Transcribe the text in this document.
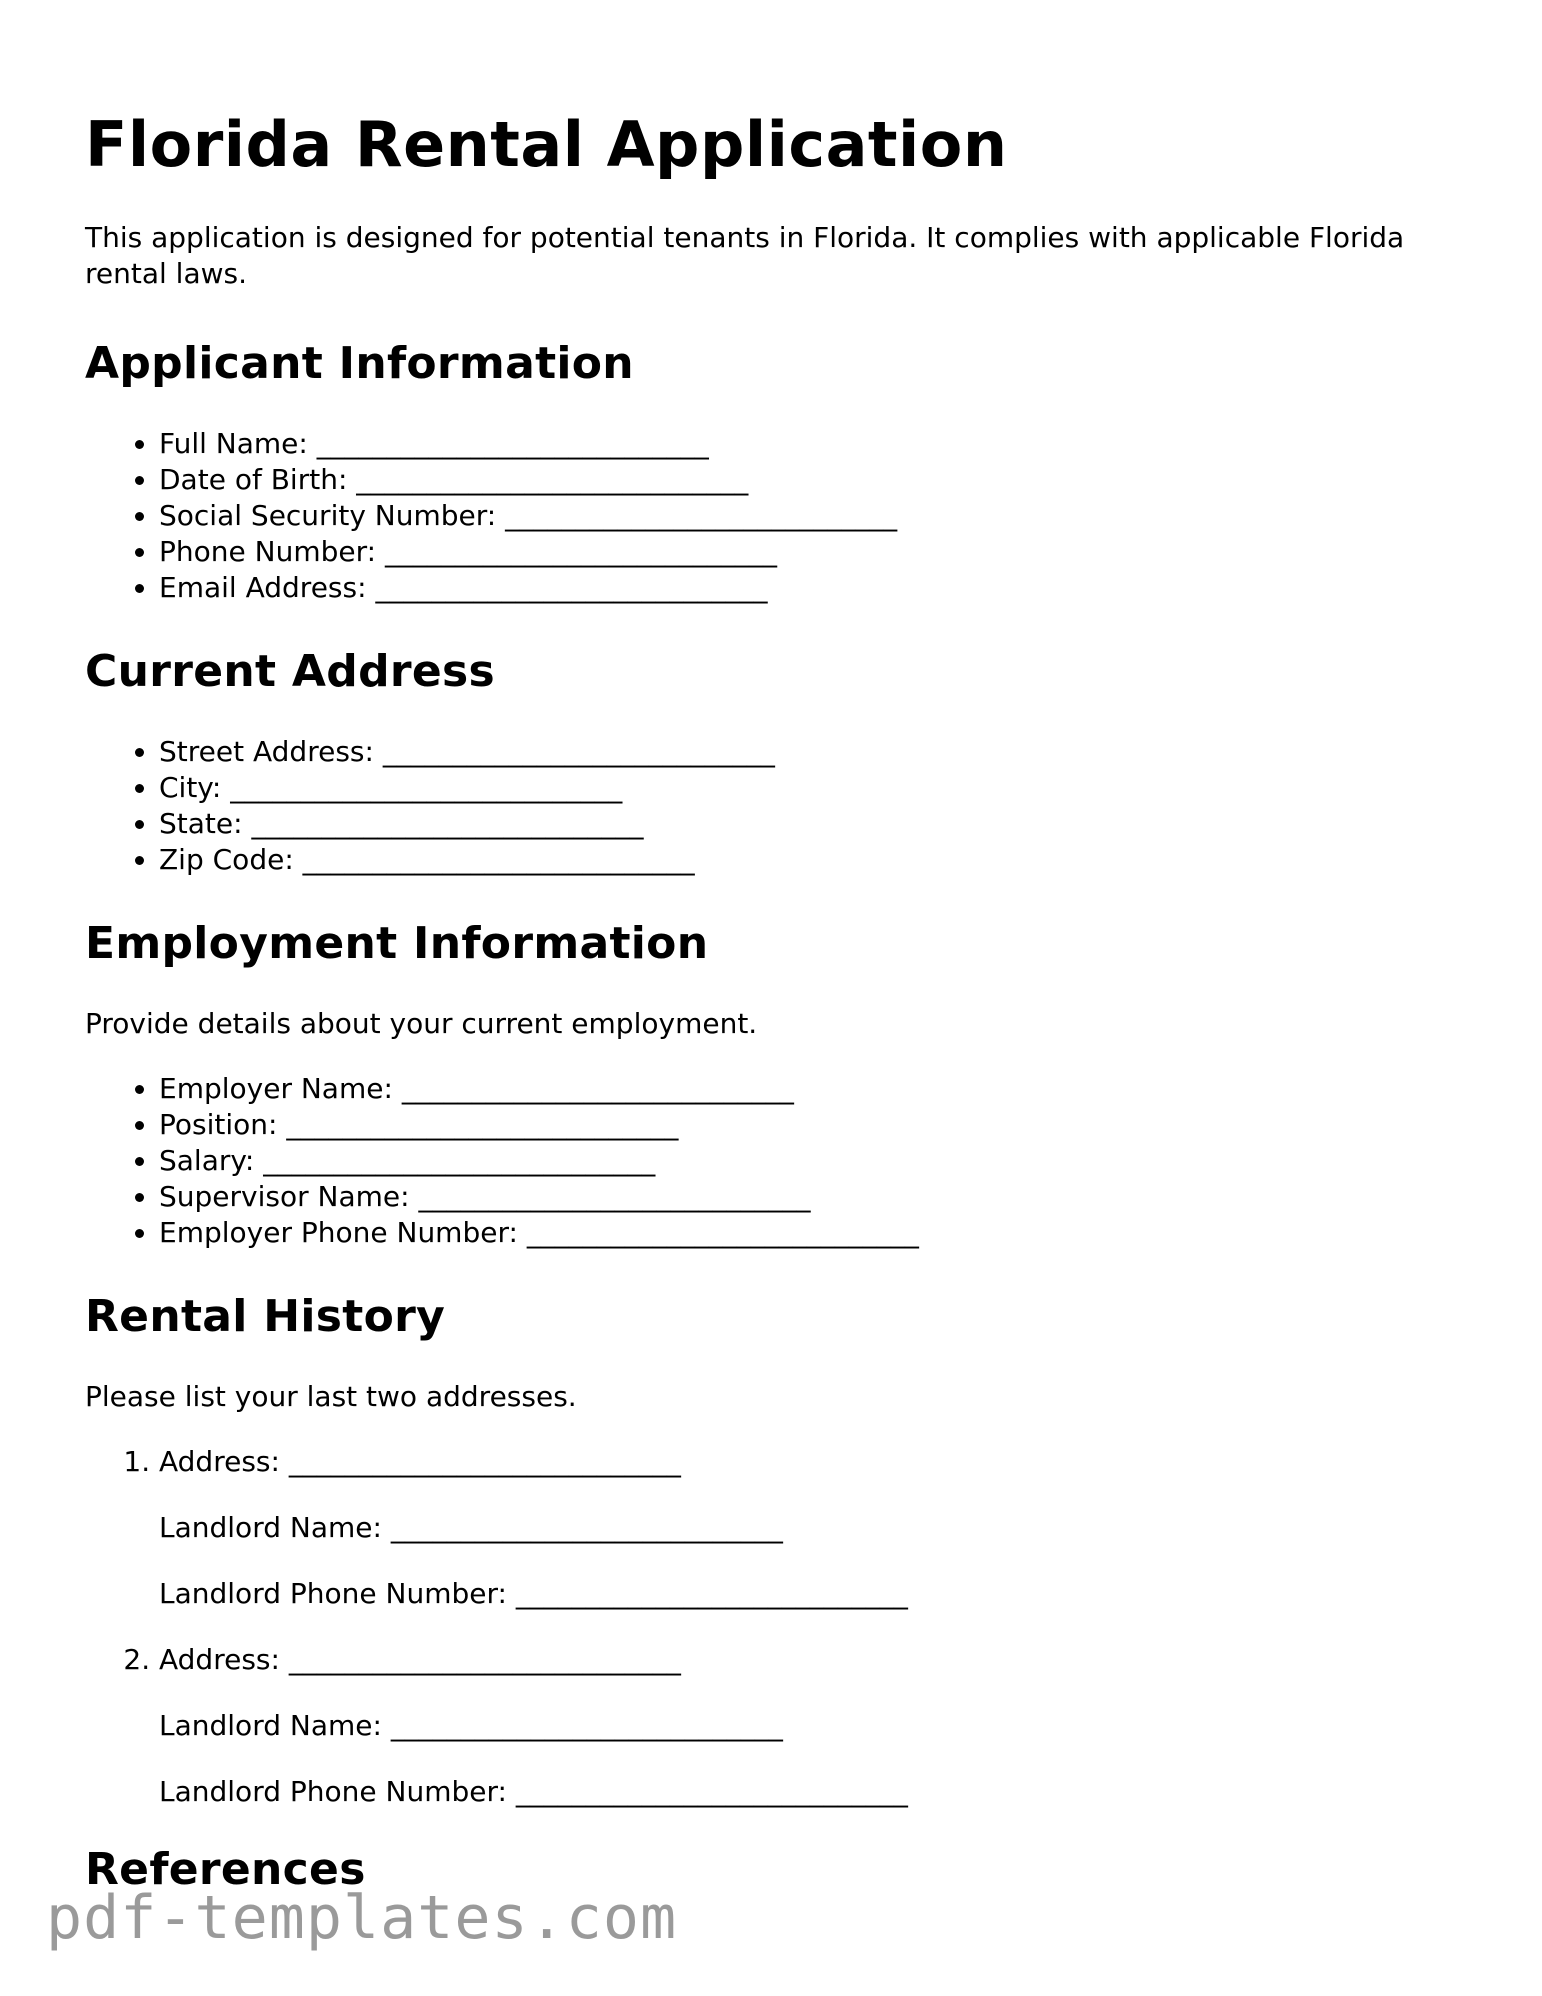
Florida Rental Application

This application is designed for potential tenants in Florida. It complies with applicable Florida rental laws.

Applicant Information
• Full Name: ____________________________
• Date of Birth: ____________________________
• Social Security Number: ____________________________
• Phone Number: ____________________________
• Email Address: ____________________________
Current Address
• Street Address: ____________________________
• City: ____________________________
• State: ____________________________
• Zip Code: ____________________________
Employment Information

Provide details about your current employment.

• Employer Name: ____________________________
• Position: ____________________________
• Salary: ____________________________
• Supervisor Name: ____________________________
• Employer Phone Number: ____________________________
Rental History

Please list your last two addresses.

1. Address: ____________________________
Landlord Name: ____________________________
Landlord Phone Number: ____________________________
2. Address: ____________________________
Landlord Name: ____________________________
Landlord Phone Number: ____________________________
References
pdf-templates.com
